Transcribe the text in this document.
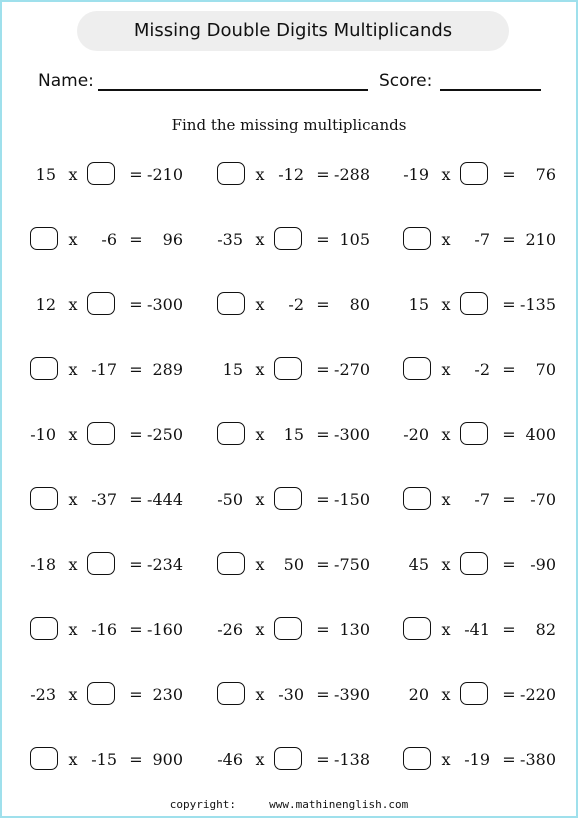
Missing Double Digits Multiplicands
Name:	Score:
Find the missing multiplicands
15 x	= -210	x -12 = -288	-19 x	=	76
x	-6 =	96	-35 x	= 105	x	-7 = 210
12 x	= -300	x	-2 =	80	15 x	= -135
x -17 = 289	15 x	= -270	x	-2 =	70
-10 x	= -250	x	15 = -300	-20 x	= 400
x -37 = -444	-50 x	= -150	x	-7 = -70
-18 x	= -234	x	50 = -750	45 x	= -90
x -16 = -160	-26 x	= 130	x -41 =	82
-23 x	= 230	x -30 = -390	20 x	= -220
x -15 = 900	-46 x	= -138	x -19 = -380
copyright:	www.mathinenglish.com
